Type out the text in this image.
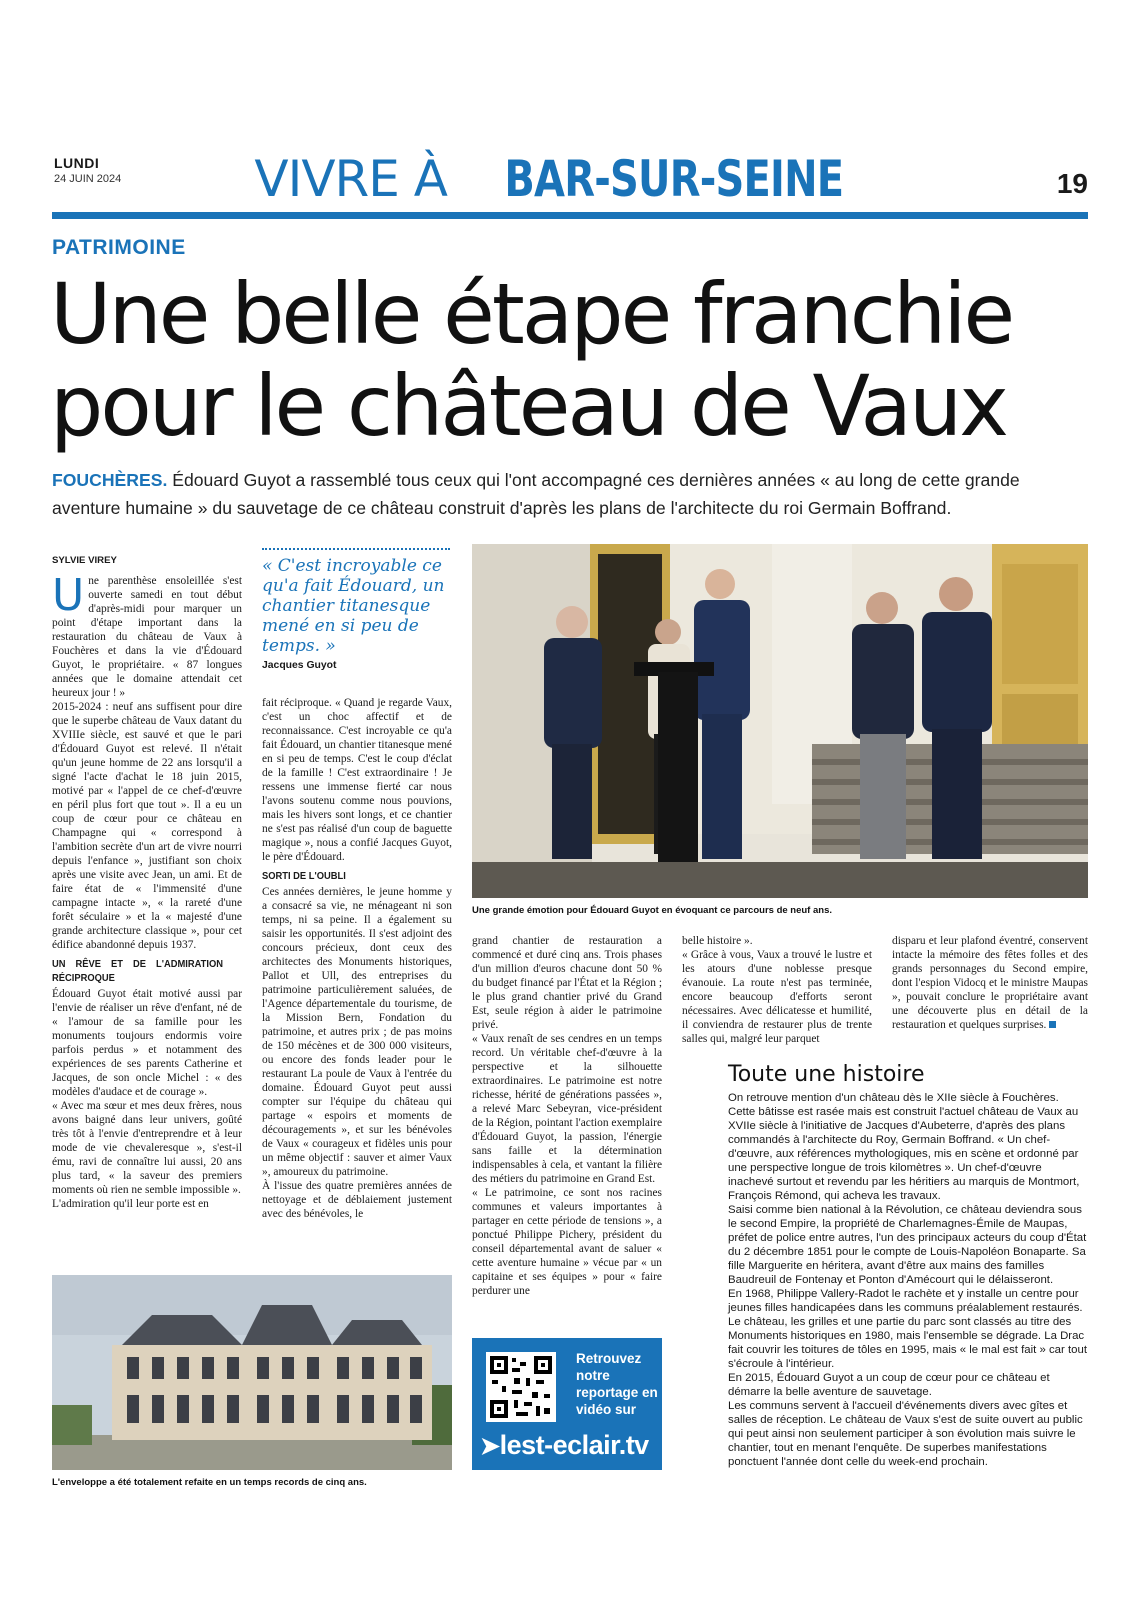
LUNDI
24 JUIN 2024	VIVRE À BAR-SUR-SEINE	19
PATRIMOINE
Une belle étape franchie
pour le château de Vaux
FOUCHÈRES. Édouard Guyot a rassemblé tous ceux qui l'ont accompagné ces dernières années « au long de cette grande aventure humaine » du sauvetage de ce château construit d'après les plans de l'architecte du roi Germain Boffrand.
SYLVIE VIREY

Une parenthèse ensoleillée s'est ouverte samedi en tout début d'après-midi pour marquer un point d'étape important dans la restauration du château de Vaux à Fouchères et dans la vie d'Édouard Guyot, le propriétaire. « 87 longues années que le domaine attendait cet heureux jour ! »

2015-2024 : neuf ans suffisent pour dire que le superbe château de Vaux datant du XVIIIe siècle, est sauvé et que le pari d'Édouard Guyot est relevé. Il n'était qu'un jeune homme de 22 ans lorsqu'il a signé l'acte d'achat le 18 juin 2015, motivé par « l'appel de ce chef-d'œuvre en péril plus fort que tout ». Il a eu un coup de cœur pour ce château en Champagne qui « correspond à l'ambition secrète d'un art de vivre nourri depuis l'enfance », justifiant son choix après une visite avec Jean, un ami. Et de faire état de « l'immensité d'une campagne intacte », « la rareté d'une forêt séculaire » et la « majesté d'une grande architecture classique », pour cet édifice abandonné depuis 1937.

UN RÊVE ET DE L'ADMIRATION RÉCIPROQUE

Édouard Guyot était motivé aussi par l'envie de réaliser un rêve d'enfant, né de « l'amour de sa famille pour les monuments toujours endormis voire parfois perdus » et notamment des expériences de ses parents Catherine et Jacques, de son oncle Michel : « des modèles d'audace et de courage ».

« Avec ma sœur et mes deux frères, nous avons baigné dans leur univers, goûté très tôt à l'envie d'entreprendre et à leur mode de vie chevaleresque », s'est-il ému, ravi de connaître lui aussi, 20 ans plus tard, « la saveur des premiers moments où rien ne semble impossible ».

L'admiration qu'il leur porte est en

« C'est incroyable ce qu'a fait Édouard, un chantier titanesque mené en si peu de temps. »
Jacques Guyot

fait réciproque. « Quand je regarde Vaux, c'est un choc affectif et de reconnaissance. C'est incroyable ce qu'a fait Édouard, un chantier titanesque mené en si peu de temps. C'est le coup d'éclat de la famille ! C'est extraordinaire ! Je ressens une immense fierté car nous l'avons soutenu comme nous pouvions, mais les hivers sont longs, et ce chantier ne s'est pas réalisé d'un coup de baguette magique », nous a confié Jacques Guyot, le père d'Édouard.

SORTI DE L'OUBLI

Ces années dernières, le jeune homme y a consacré sa vie, ne ménageant ni son temps, ni sa peine. Il a également su saisir les opportunités. Il s'est adjoint des concours précieux, dont ceux des architectes des Monuments historiques, Pallot et Ull, des entreprises du patrimoine particulièrement saluées, de l'Agence départementale du tourisme, de la Mission Bern, Fondation du patrimoine, et autres prix ; de pas moins de 150 mécènes et de 300 000 visiteurs, ou encore des fonds leader pour le restaurant La poule de Vaux à l'entrée du domaine. Édouard Guyot peut aussi compter sur l'équipe du château qui partage « espoirs et moments de découragements », et sur les bénévoles de Vaux « courageux et fidèles unis pour un même objectif : sauver et aimer Vaux », amoureux du patrimoine.

À l'issue des quatre premières années de nettoyage et de déblaiement justement avec des bénévoles, le

Une grande émotion pour Édouard Guyot en évoquant ce parcours de neuf ans.

grand chantier de restauration a commencé et duré cinq ans. Trois phases d'un million d'euros chacune dont 50 % du budget financé par l'État et la Région ; le plus grand chantier privé du Grand Est, seule région à aider le patrimoine privé.

« Vaux renaît de ses cendres en un temps record. Un véritable chef-d'œuvre à la perspective et la silhouette extraordinaires. Le patrimoine est notre richesse, hérité de générations passées », a relevé Marc Sebeyran, vice-président de la Région, pointant l'action exemplaire d'Édouard Guyot, la passion, l'énergie sans faille et la détermination indispensables à cela, et vantant la filière des métiers du patrimoine en Grand Est.

« Le patrimoine, ce sont nos racines communes et valeurs importantes à partager en cette période de tensions », a ponctué Philippe Pichery, président du conseil départemental avant de saluer « cette aventure humaine » vécue par « un capitaine et ses équipes » pour « faire perdurer une

belle histoire ».

« Grâce à vous, Vaux a trouvé le lustre et les atours d'une noblesse presque évanouie. La route n'est pas terminée, encore beaucoup d'efforts seront nécessaires. Avec délicatesse et humilité, il conviendra de restaurer plus de trente salles qui, malgré leur parquet

disparu et leur plafond éventré, conservent intacte la mémoire des fêtes folles et des grands personnages du Second empire, dont l'espion Vidocq et le ministre Maupas », pouvait conclure le propriétaire avant une découverte plus en détail de la restauration et quelques surprises.

Toute une histoire
On retrouve mention d'un château dès le XIIe siècle à Fouchères. Cette bâtisse est rasée mais est construit l'actuel château de Vaux au XVIIe siècle à l'initiative de Jacques d'Aubeterre, d'après des plans commandés à l'architecte du Roy, Germain Boffrand. « Un chef-d'œuvre, aux références mythologiques, mis en scène et ordonné par une perspective longue de trois kilomètres ». Un chef-d'œuvre inachevé surtout et revendu par les héritiers au marquis de Montmort, François Rémond, qui acheva les travaux.
Saisi comme bien national à la Révolution, ce château deviendra sous le second Empire, la propriété de Charlemagnes-Émile de Maupas, préfet de police entre autres, l'un des principaux acteurs du coup d'État du 2 décembre 1851 pour le compte de Louis-Napoléon Bonaparte. Sa fille Marguerite en héritera, avant d'être aux mains des familles Baudreuil de Fontenay et Ponton d'Amécourt qui le délaisseront.
En 1968, Philippe Vallery-Radot le rachète et y installe un centre pour jeunes filles handicapées dans les communs préalablement restaurés. Le château, les grilles et une partie du parc sont classés au titre des Monuments historiques en 1980, mais l'ensemble se dégrade. La Drac fait couvrir les toitures de tôles en 1995, mais « le mal est fait » car tout s'écroule à l'intérieur.
En 2015, Édouard Guyot a un coup de cœur pour ce château et démarre la belle aventure de sauvetage.
Les communs servent à l'accueil d'événements divers avec gîtes et salles de réception. Le château de Vaux s'est de suite ouvert au public qui peut ainsi non seulement participer à son évolution mais suivre le chantier, tout en menant l'enquête. De superbes manifestations ponctuent l'année dont celle du week-end prochain.
L'enveloppe a été totalement refaite en un temps records de cinq ans.
Retrouvez notre reportage en vidéo sur
➤lest-eclair.tv
